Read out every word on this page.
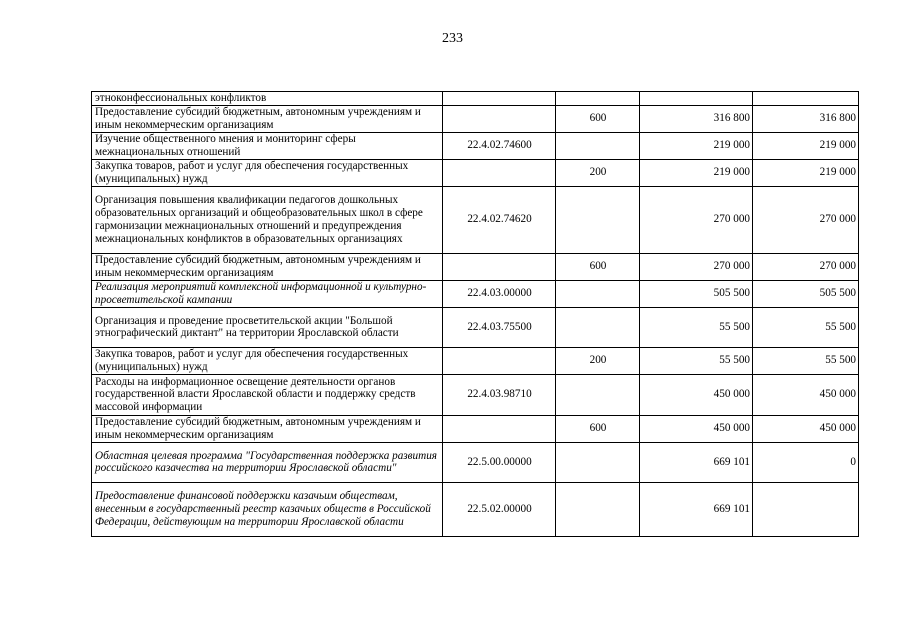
233
этноконфессиональных конфликтов				
Предоставление субсидий бюджетным, автономным учреждениям и иным некоммерческим организациям		600	316 800	316 800
Изучение общественного мнения и мониторинг сферы межнациональных отношений	22.4.02.74600		219 000	219 000
Закупка товаров, работ и услуг для обеспечения государственных (муниципальных) нужд		200	219 000	219 000
Организация повышения квалификации педагогов дошкольных образовательных организаций и общеобразовательных школ в сфере гармонизации межнациональных отношений и предупреждения межнациональных конфликтов в образовательных организациях	22.4.02.74620		270 000	270 000
Предоставление субсидий бюджетным, автономным учреждениям и иным некоммерческим организациям		600	270 000	270 000
Реализация мероприятий комплексной информационной и культурно-просветительской кампании	22.4.03.00000		505 500	505 500
Организация и проведение просветительской акции "Большой этнографический диктант" на территории Ярославской области	22.4.03.75500		55 500	55 500
Закупка товаров, работ и услуг для обеспечения государственных (муниципальных) нужд		200	55 500	55 500
Расходы на информационное освещение деятельности органов государственной власти Ярославской области и поддержку средств массовой информации	22.4.03.98710		450 000	450 000
Предоставление субсидий бюджетным, автономным учреждениям и иным некоммерческим организациям		600	450 000	450 000
Областная целевая программа "Государственная поддержка развития российского казачества на территории Ярославской области"	22.5.00.00000		669 101	0
Предоставление финансовой поддержки казачьим обществам, внесенным в государственный реестр казачьих обществ в Российской Федерации, действующим на территории Ярославской области	22.5.02.00000		669 101	
